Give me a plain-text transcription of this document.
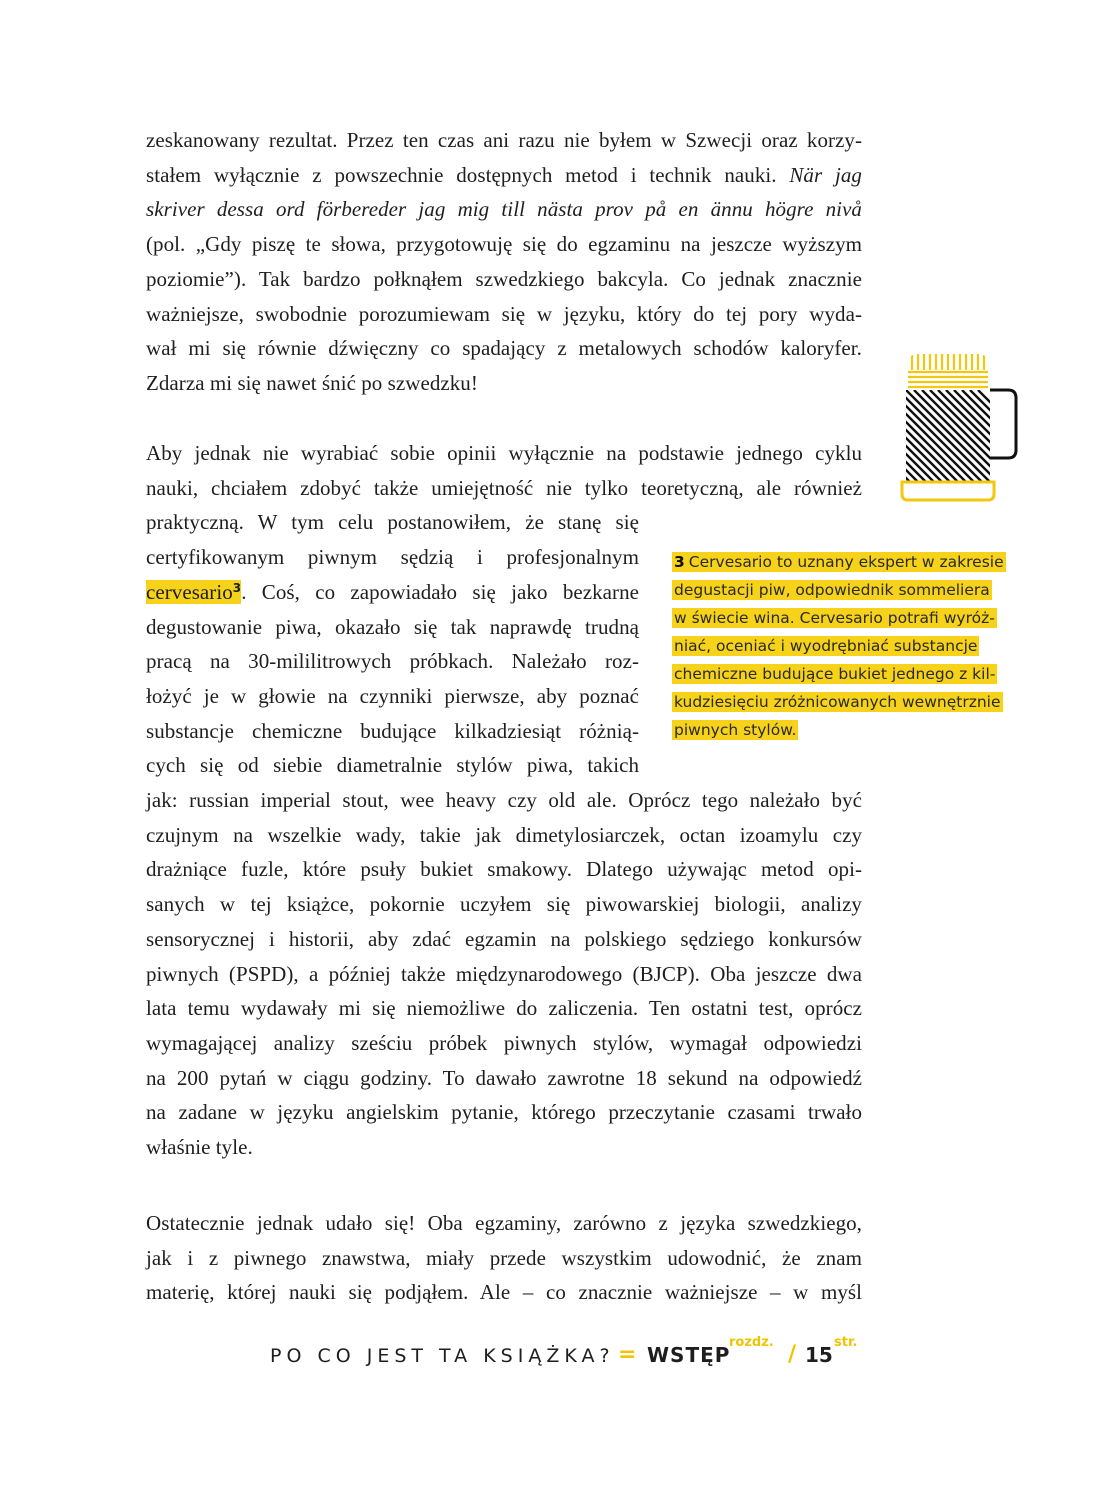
zeskanowany rezultat. Przez ten czas ani razu nie byłem w Szwecji oraz korzy-
stałem wyłącznie z powszechnie dostępnych metod i technik nauki. När jag
skriver dessa ord förbereder jag mig till nästa prov på en ännu högre nivå
(pol. „Gdy piszę te słowa, przygotowuję się do egzaminu na jeszcze wyższym
poziomie”). Tak bardzo połknąłem szwedzkiego bakcyla. Co jednak znacznie
ważniejsze, swobodnie porozumiewam się w języku, który do tej pory wyda-
wał mi się równie dźwięczny co spadający z metalowych schodów kaloryfer.
Zdarza mi się nawet śnić po szwedzku!
Aby jednak nie wyrabiać sobie opinii wyłącznie na podstawie jednego cyklu
nauki, chciałem zdobyć także umiejętność nie tylko teoretyczną, ale również
praktyczną. W tym celu postanowiłem, że stanę się
certyfikowanym piwnym sędzią i profesjonalnym
cervesario$^3$. Coś, co zapowiadało się jako bezkarne
degustowanie piwa, okazało się tak naprawdę trudną
pracą na 30-mililitrowych próbkach. Należało roz-
łożyć je w głowie na czynniki pierwsze, aby poznać
substancje chemiczne budujące kilkadziesiąt różnią-
cych się od siebie diametralnie stylów piwa, takich
jak: russian imperial stout, wee heavy czy old ale. Oprócz tego należało być
czujnym na wszelkie wady, takie jak dimetylosiarczek, octan izoamylu czy
drażniące fuzle, które psuły bukiet smakowy. Dlatego używając metod opi-
sanych w tej książce, pokornie uczyłem się piwowarskiej biologii, analizy
sensorycznej i historii, aby zdać egzamin na polskiego sędziego konkursów
piwnych (PSPD), a później także międzynarodowego (BJCP). Oba jeszcze dwa
lata temu wydawały mi się niemożliwe do zaliczenia. Ten ostatni test, oprócz
wymagającej analizy sześciu próbek piwnych stylów, wymagał odpowiedzi
na 200 pytań w ciągu godziny. To dawało zawrotne 18 sekund na odpowiedź
na zadane w języku angielskim pytanie, którego przeczytanie czasami trwało
właśnie tyle.
3 Cervesario to uznany ekspert w zakresie
degustacji piw, odpowiednik sommeliera
w świecie wina. Cervesario potrafi wyróż-
niać, oceniać i wyodrębniać substancje
chemiczne budujące bukiet jednego z kil-
kudziesięciu zróżnicowanych wewnętrznie
piwnych stylów.
Ostatecznie jednak udało się! Oba egzaminy, zarówno z języka szwedzkiego,
jak i z piwnego znawstwa, miały przede wszystkim udowodnić, że znam
materię, której nauki się podjąłem. Ale – co znacznie ważniejsze – w myśl
PO CO JEST TA KSIĄŻKA? = WSTĘP
rozdz. / 15
str.
